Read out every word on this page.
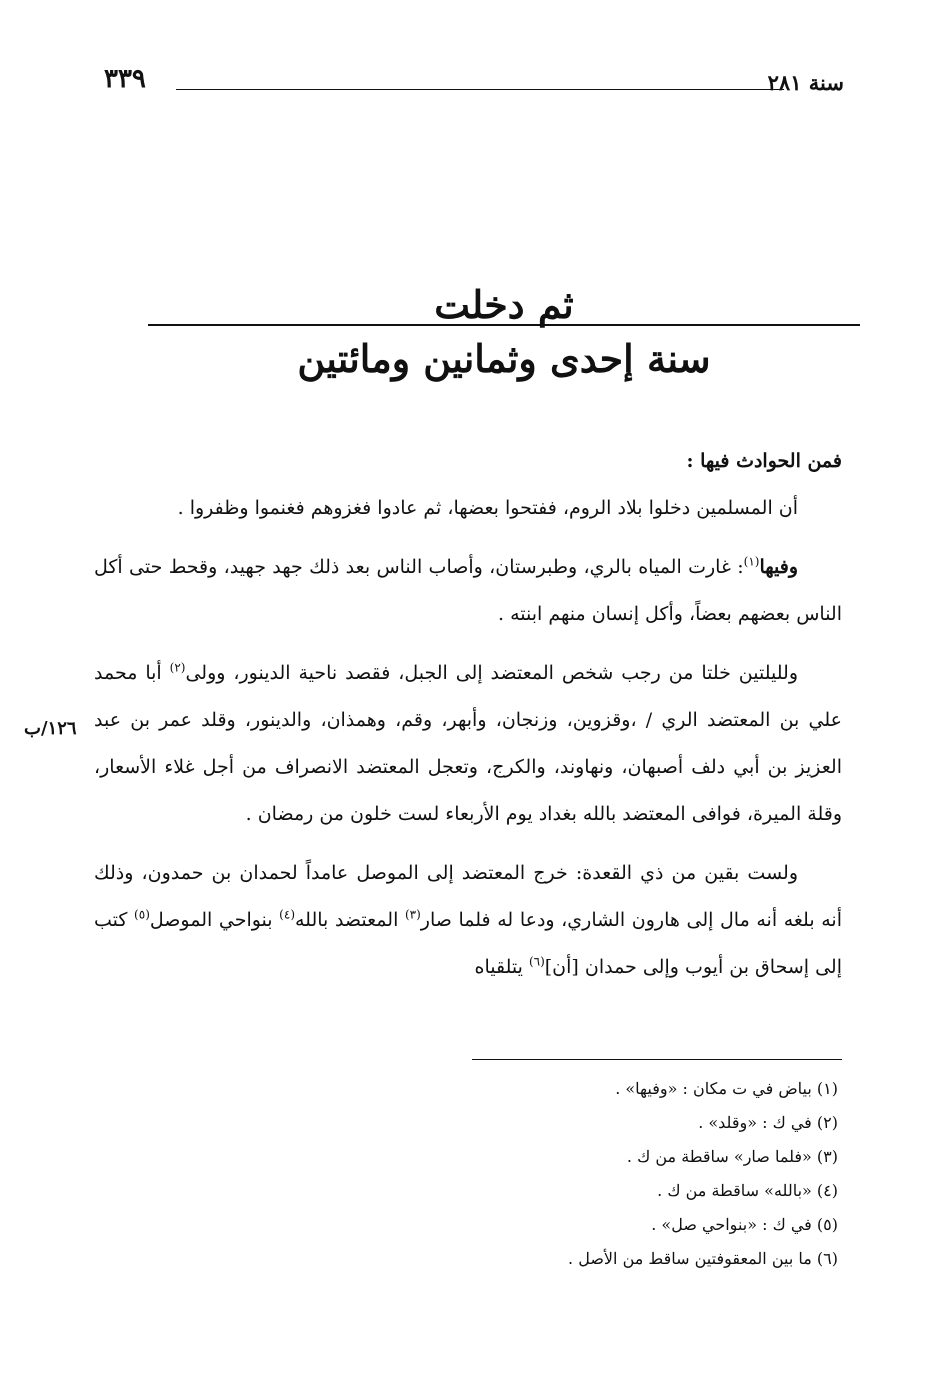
سنة ٢٨١
٣٣٩
ثم دخلت
سنة إحدى وثمانين ومائتين

فمن الحوادث فيها :

أن المسلمين دخلوا بلاد الروم، ففتحوا بعضها، ثم عادوا فغزوهم فغنموا وظفروا .

وفيها$^{(١)}$: غارت المياه بالري، وطبرستان، وأصاب الناس بعد ذلك جهد جهيد، وقحط حتى أكل الناس بعضهم بعضاً، وأكل إنسان منهم ابنته .

ولليلتين خلتا من رجب شخص المعتضد إلى الجبل، فقصد ناحية الدينور، وولى$^{(٢)}$ أبا محمد علي بن المعتضد الري / ،وقزوين، وزنجان، وأبهر، وقم، وهمذان، والدينور، وقلد عمر بن عبد العزيز بن أبي دلف أصبهان، ونهاوند، والكرج، وتعجل المعتضد الانصراف من أجل غلاء الأسعار، وقلة الميرة، فوافى المعتضد بالله بغداد يوم الأربعاء لست خلون من رمضان .

ولست بقين من ذي القعدة: خرج المعتضد إلى الموصل عامداً لحمدان بن حمدون، وذلك أنه بلغه أنه مال إلى هارون الشاري، ودعا له فلما صار$^{(٣)}$ المعتضد بالله$^{(٤)}$ بنواحي الموصل$^{(٥)}$ كتب إلى إسحاق بن أيوب وإلى حمدان [أن]$^{(٦)}$ يتلقياه

١٢٦/ب
(١) بياض في ت مكان : «وفيها» .
(٢) في ك : «وقلد» .
(٣) «فلما صار» ساقطة من ك .
(٤) «بالله» ساقطة من ك .
(٥) في ك : «بنواحي صل» .
(٦) ما بين المعقوفتين ساقط من الأصل .
